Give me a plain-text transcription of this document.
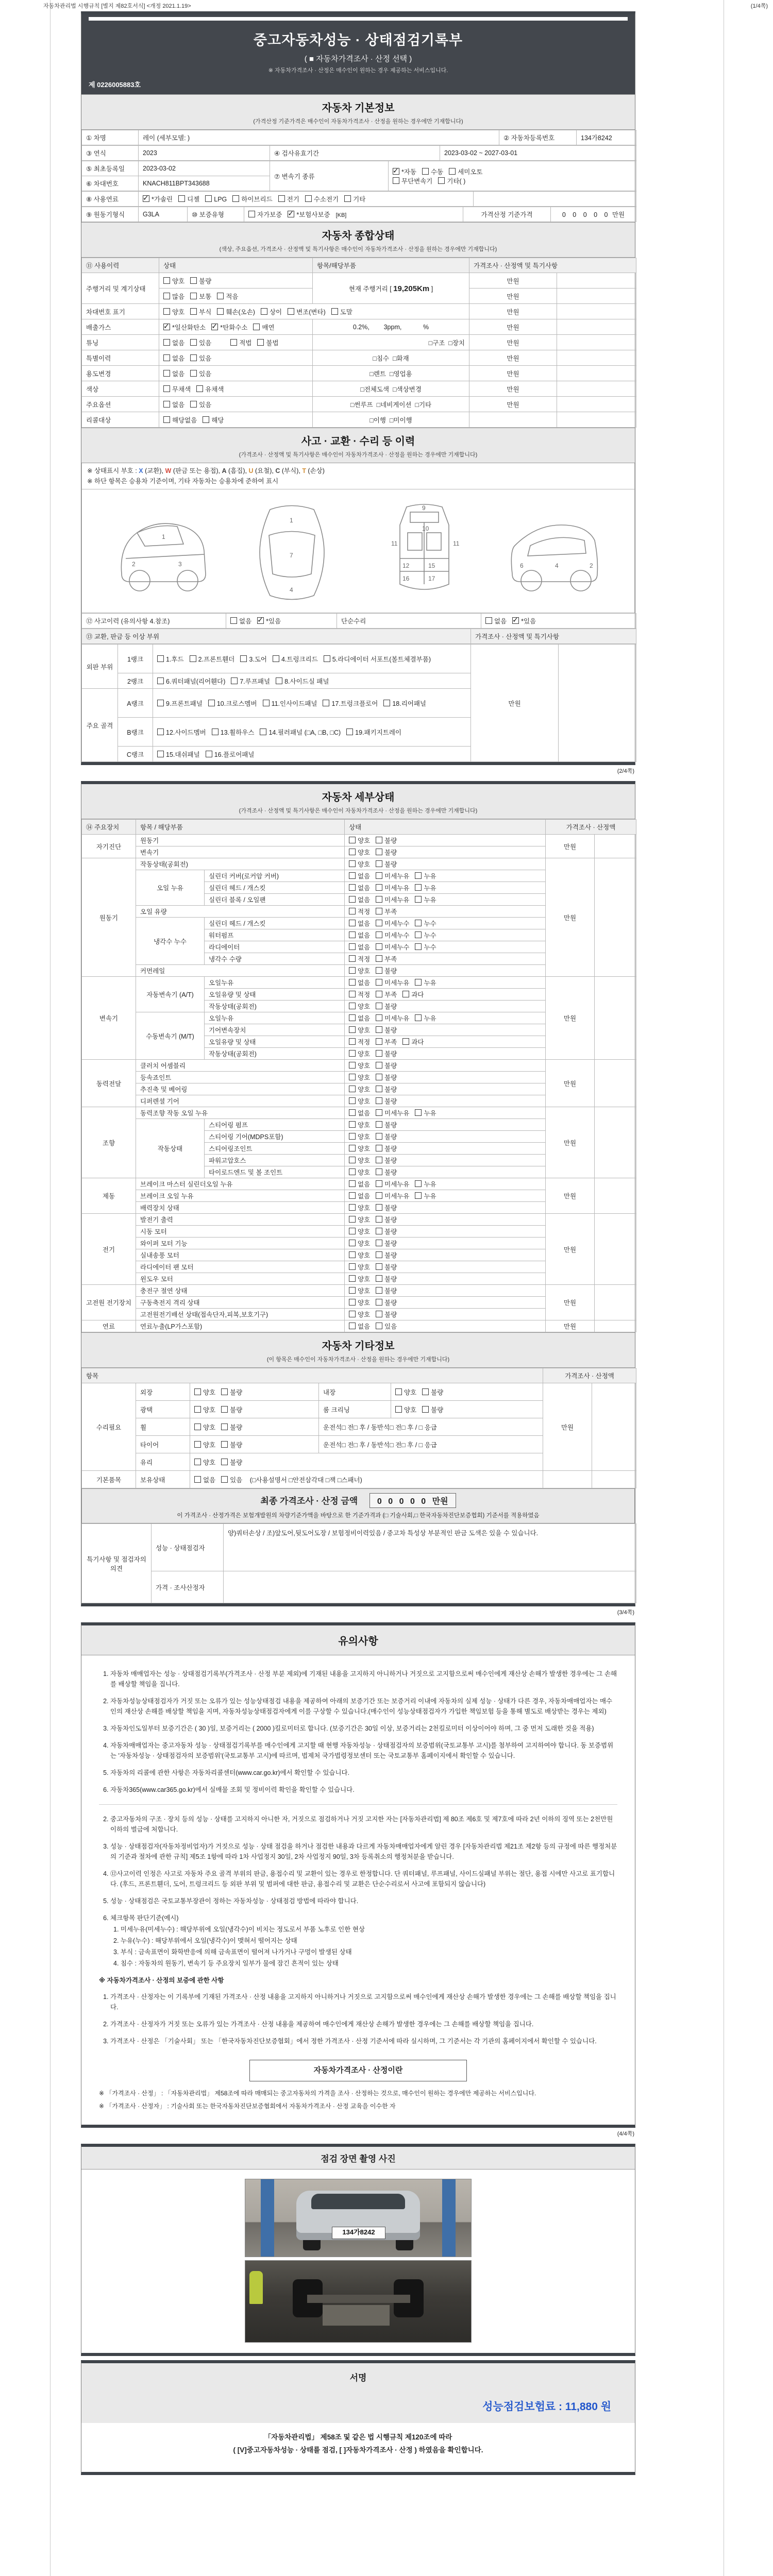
자동차관리법 시행규칙 [별지 제82호서식] <개정 2021.1.19>	(1/4쪽)
중고자동차성능 · 상태점검기록부
( ■ 자동차가격조사 · 산정 선택 )
※ 자동차가격조사 · 산정은 매수인이 원하는 경우 제공하는 서비스입니다.
제 0226005883호
자동차 기본정보

(가격산정 기준가격은 매수인이 자동차가격조사 · 산정을 원하는 경우에만 기재합니다)

① 차명	레이 (세부모델: )	② 자동차등록번호	134가8242
③ 연식	2023	④ 검사유효기간	2023-03-02 ~ 2027-03-01
⑤ 최초등록일	2023-03-02	⑦ 변속기 종류	✓*자동 수동 세미오토
무단변속기 기타( )
⑥ 차대번호	KNACH811BPT343688		
⑧ 사용연료	✓*가솔린 디젤 LPG 하이브리드 전기 수소전기 기타	
⑨ 원동기형식	G3LA	⑩ 보증유형	자가보증 ✓ *보험사보증 [KB]	가격산정 기준가격	0 0 0 0 0 만원
자동차 종합상태

(색상, 주요옵션, 가격조사 · 산정액 및 특기사항은 매수인이 자동차가격조사 · 산정을 원하는 경우에만 기재합니다)

⑪ 사용이력	상태	항목/해당부품	가격조사 · 산정액 및 특기사항	
주행거리 및 계기상태	양호 불량	현재 주행거리 [ 19,205Km ]	만원	
	많음 보통 적음		만원	
차대번호 표기	양호 부식 훼손(오손) 상이 변조(변타) 도말		만원	
배출가스	✓*일산화탄소 ✓ *탄화수소 매연	0.2%,        3ppm,            %	만원	
튜닝	없음 있음 적법 불법	□구조  □장치	만원	
특별이력	없음 있음	□침수  □화재	만원	
용도변경	없음 있음	□렌트  □영업용	만원	
색상	무채색 유채색	□전체도색  □색상변경	만원	
주요옵션	없음 있음	□썬루프  □네비게이션  □기타	만원	
리콜대상	해당없음 해당	□이행  □미이행		
사고 · 교환 · 수리 등 이력

(가격조사 · 산정액 및 특기사항은 매수인이 자동차가격조사 · 산정을 원하는 경우에만 기재합니다)

※ 상태표시 부호 : X (교환), W (판금 또는 용접), A (흠집), U (요철), C (부식), T (손상)
※ 하단 항목은 승용차 기준이며, 기타 자동차는 승용차에 준하여 표시
1
2	3

1
7
4

9
10
11	11
12	15
16	17

6	4	2
⑫ 사고이력 (유의사항 4.참조)	없음 ✓ *있음	단순수리	없음 ✓ *있음
⑬ 교환, 판금 등 이상 부위	가격조사 · 산정액 및 특기사항
외판 부위	1랭크	1.후드 2.프론트휀더 3.도어 4.트렁크리드 5.라디에이터 서포트(볼트체결부품)	만원	
	2랭크	6.쿼터패널(리어휀다) 7.루프패널 8.사이드실 패널		
주요 골격	A랭크	9.프론트패널 10.크로스멤버 11.인사이드패널 17.트렁크플로어 18.리어패널		
	B랭크	12.사이드멤버 13.휠하우스 14.필러패널 (□A, □B, □C) 19.패키지트레이		
	C랭크	15.대쉬패널 16.플로어패널		
(2/4쪽)
자동차 세부상태

(가격조사 · 산정액 및 특기사항은 매수인이 자동차가격조사 · 산정을 원하는 경우에만 기재합니다)

⑭ 주요장치	항목 / 해당부품		상태	가격조사 · 산정액	
자기진단	원동기		양호 불량	만원	
	변속기		양호 불량		
원동기	작동상태(공회전)		양호 불량	만원	
	오일 누유	실린더 커버(로커암 커버)	없음 미세누유 누유		
		실린더 헤드 / 개스킷	없음 미세누유 누유		
		실린더 블록 / 오일팬	없음 미세누유 누유		
	오일 유량		적정 부족		
	냉각수 누수	실린더 헤드 / 개스킷	없음 미세누수 누수		
		워터펌프	없음 미세누수 누수		
		라디에이터	없음 미세누수 누수		
		냉각수 수량	적정 부족		
	커먼레일		양호 불량		
변속기	자동변속기 (A/T)	오일누유	없음 미세누유 누유	만원	
		오일유량 및 상태	적정 부족 과다		
		작동상태(공회전)	양호 불량		
	수동변속기 (M/T)	오일누유	없음 미세누유 누유		
		기어변속장치	양호 불량		
		오일유량 및 상태	적정 부족 과다		
		작동상태(공회전)	양호 불량		
동력전달	클러치 어셈블리		양호 불량	만원	
	등속죠인트		양호 불량		
	추진축 및 베어링		양호 불량		
	디퍼렌셜 기어		양호 불량		
조향	동력조향 작동 오일 누유		없음 미세누유 누유	만원	
	작동상태	스티어링 펌프	양호 불량		
		스티어링 기어(MDPS포함)	양호 불량		
		스티어링조인트	양호 불량		
		파워고압호스	양호 불량		
		타이로드엔드 및 볼 조인트	양호 불량		
제동	브레이크 마스터 실린더오일 누유		없음 미세누유 누유	만원	
	브레이크 오일 누유		없음 미세누유 누유		
	배력장치 상태		양호 불량		
전기	발전기 출력		양호 불량	만원	
	시동 모터		양호 불량		
	와이퍼 모터 기능		양호 불량		
	실내송풍 모터		양호 불량		
	라디에이터 팬 모터		양호 불량		
	윈도우 모터		양호 불량		
고전원 전기장치	충전구 절연 상태		양호 불량	만원	
	구동축전지 격리 상태		양호 불량		
	고전원전기배선 상태(접속단자,피복,보호기구)		양호 불량		
연료	연료누출(LP가스포함)		없음 있음	만원	
자동차 기타정보

(이 항목은 매수인이 자동차가격조사 · 산정을 원하는 경우에만 기재합니다)

항목					가격조사 · 산정액	
수리필요	외장	양호 불량	내장	양호 불량	만원	
	광택	양호 불량	룸 크리닝	양호 불량		
	휠	양호 불량	운전석□ 전□ 후 / 동반석□ 전□ 후 / □ 응급			
	타이어	양호 불량	운전석□ 전□ 후 / 동반석□ 전□ 후 / □ 응급			
	유리	양호 불량				
기본품목	보유상태	없음 있음 (□사용설명서 □안전삼각대 □잭 □스패너)				
최종 가격조사 · 산정 금액 0 0 0 0 0 만원
이 가격조사 · 산정가격은 보험개발원의 차량기준가액을 바탕으로 한 기준가격과 (□ 기술사회,□ 한국자동차진단보증협회) 기준서를 적용하였음
특기사항 및 점검자의 의견	성능 · 상태점검자	양)쿼터손상 / 조)앞도어,뒷도어도장 / 보험정비이력있음 / 중고차 특성상 부분적인 판금 도색은 있을 수 있습니다.
	가격 · 조사산정자	
(3/4쪽)
유의사항
1. 자동차 매매업자는 성능 · 상태점검기록부(가격조사 · 산정 부분 제외)에 기재된 내용을 고지하지 아니하거나 거짓으로 고지함으로써 매수인에게 재산상 손해가 발생한 경우에는 그 손해를 배상할 책임을 집니다.
2. 자동차성능상태점검자가 거짓 또는 오류가 있는 성능상태점검 내용을 제공하여 아래의 보증기간 또는 보증거리 이내에 자동차의 실제 성능 · 상태가 다른 경우, 자동차매매업자는 매수인의 재산상 손해를 배상할 책임을 지며, 자동차성능상태점검자에게 이를 구상할 수 있습니다.(매수인이 성능상태점검자가 가입한 책임보험 등을 통해 별도로 배상받는 경우는 제외)
3. 자동차인도일부터 보증기간은 ( 30 )일, 보증거리는 ( 2000 )킬로미터로 합니다. (보증기간은 30일 이상, 보증거리는 2천킬로미터 이상이어야 하며, 그 중 먼저 도래한 것을 적용)
4. 자동차매매업자는 중고자동차 성능 · 상태점검기록부를 매수인에게 고지할 때 현행 자동차성능 · 상태점검자의 보증범위(국토교통부 고시)를 첨부하여 고지하여야 합니다. 동 보증범위는 '자동차성능 · 상태점검자의 보증범위'(국토교통부 고시)에 따르며, 법제처 국가법령정보센터 또는 국토교통부 홈페이지에서 확인할 수 있습니다.
5. 자동차의 리콜에 관한 사항은 자동차리콜센터(www.car.go.kr)에서 확인할 수 있습니다.
6. 자동차365(www.car365.go.kr)에서 실매물 조회 및 정비이력 확인을 확인할 수 있습니다.
2. 중고자동차의 구조 · 장치 등의 성능 · 상태를 고지하지 아니한 자, 거짓으로 점검하거나 거짓 고지한 자는 [자동차관리법] 제 80조 제6호 및 제7호에 따라 2년 이하의 징역 또는 2천만원 이하의 벌금에 처합니다.
3. 성능 · 상태점검자(자동차정비업자)가 거짓으로 성능 · 상태 점검을 하거나 점검한 내용과 다르게 자동차매매업자에게 알린 경우 [자동차관리법 제21조 제2항 등의 규정에 따른 행정처분의 기준과 절차에 관한 규칙] 제5조 1항에 따라 1차 사업정지 30일, 2차 사업정지 90일, 3차 등록취소의 행정처분을 받습니다.
4. ⑫사고이력 인정은 사고로 자동차 주요 골격 부위의 판금, 용접수리 및 교환이 있는 경우로 한정합니다. 단 쿼터패널, 루프패널, 사이드실패널 부위는 절단, 용접 시에만 사고로 표기합니다. (후드, 프론트휀더, 도어, 트렁크리드 등 외판 부위 및 범퍼에 대한 판금, 용접수리 및 교환은 단순수리로서 사고에 포함되지 않습니다)
5. 성능 · 상태점검은 국토교통부장관이 정하는 자동차성능 · 상태점검 방법에 따라야 합니다.
6. 체크항목 판단기준(예시)
1. 미세누유(미세누수) : 해당부위에 오일(냉각수)이 비치는 정도로서 부품 노후로 인한 현상
2. 누유(누수) : 해당부위에서 오일(냉각수)이 맺혀서 떨어지는 상태
3. 부식 : 금속표면이 화학반응에 의해 금속표면이 떨어져 나가거나 구멍이 발생된 상태
4. 침수 : 자동차의 원동기, 변속기 등 주요장치 일부가 물에 잠긴 흔적이 있는 상태
※ 자동차가격조사 · 산정의 보증에 관한 사항
1. 가격조사 · 산정자는 이 기록부에 기재된 가격조사 · 산정 내용을 고지하지 아니하거나 거짓으로 고지함으로써 매수인에게 재산상 손해가 발생한 경우에는 그 손해를 배상할 책임을 집니다.
2. 가격조사 · 산정자가 거짓 또는 오류가 있는 가격조사 · 산정 내용을 제공하여 매수인에게 재산상 손해가 발생한 경우에는 그 손해를 배상할 책임을 집니다.
3. 가격조사 · 산정은 「기술사회」 또는 「한국자동차진단보증협회」에서 정한 가격조사 · 산정 기준서에 따라 실시하며, 그 기준서는 각 기관의 홈페이지에서 확인할 수 있습니다.
자동차가격조사 · 산정이란
※ 「가격조사 · 산정」 : 「자동차관리법」 제58조에 따라 매매되는 중고자동차의 가격을 조사 · 산정하는 것으로, 매수인이 원하는 경우에만 제공하는 서비스입니다.
※ 「가격조사 · 산정자」 : 기술사회 또는 한국자동차진단보증협회에서 자동차가격조사 · 산정 교육을 이수한 자
(4/4쪽)
점검 장면 촬영 사진
134가8242
서명
성능점검보험료 : 11,880 원
「자동차관리법」 제58조 및 같은 법 시행규칙 제120조에 따라
( [V]중고자동차성능 · 상태를 점검, [ ]자동차가격조사 · 산정 ) 하였음을 확인합니다.
